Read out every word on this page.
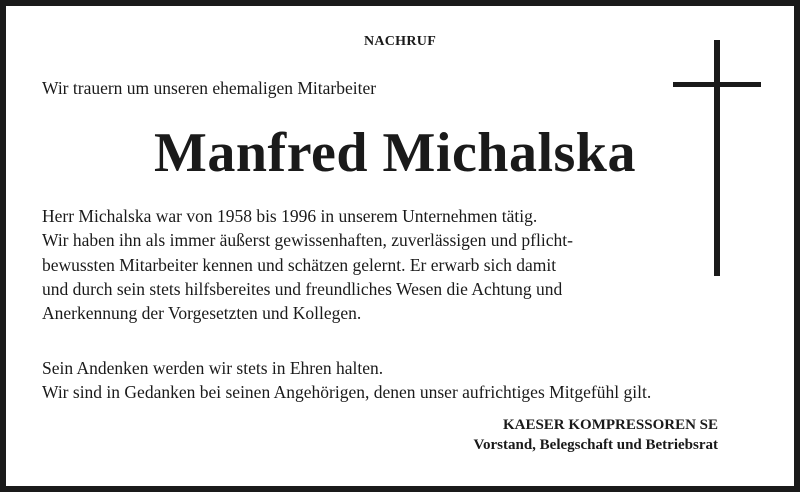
NACHRUF
Wir trauern um unseren ehemaligen Mitarbeiter
Manfred Michalska
Herr Michalska war von 1958 bis 1996 in unserem Unternehmen tätig.
Wir haben ihn als immer äußerst gewissenhaften, zuverlässigen und pflicht-
bewussten Mitarbeiter kennen und schätzen gelernt. Er erwarb sich damit
und durch sein stets hilfsbereites und freundliches Wesen die Achtung und
Anerkennung der Vorgesetzten und Kollegen.
Sein Andenken werden wir stets in Ehren halten.
Wir sind in Gedanken bei seinen Angehörigen, denen unser aufrichtiges Mitgefühl gilt.
KAESER KOMPRESSOREN SE
Vorstand, Belegschaft und Betriebsrat
